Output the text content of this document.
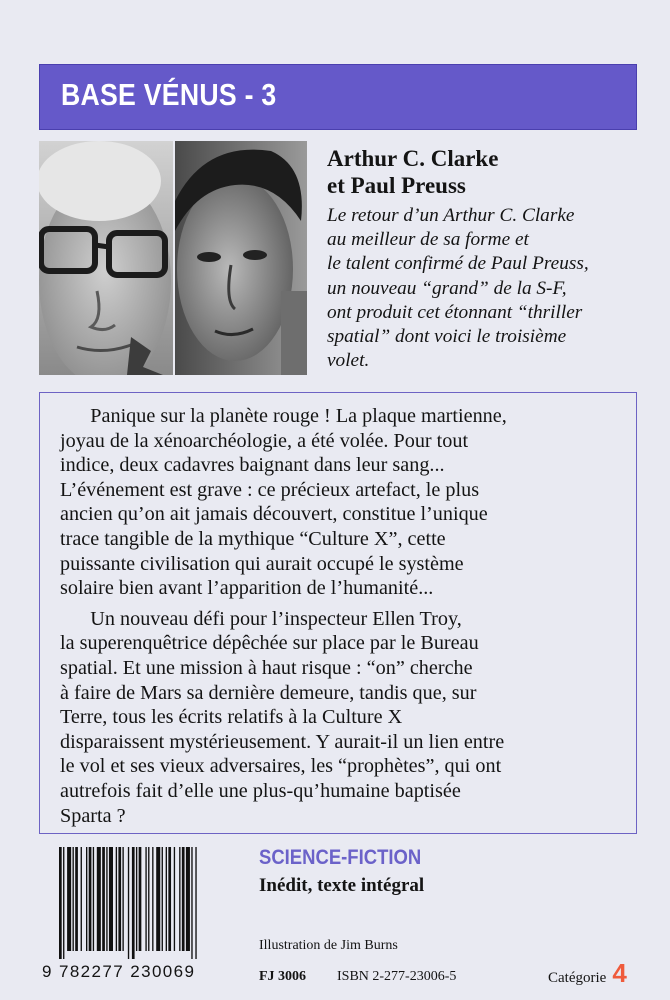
BASE VÉNUS - 3
Arthur C. Clarke
et Paul Preuss
Le retour d’un Arthur C. Clarke
au meilleur de sa forme et
le talent confirmé de Paul Preuss,
un nouveau “grand” de la S-F,
ont produit cet étonnant “thriller
spatial” dont voici le troisième
volet.

Panique sur la planète rouge ! La plaque martienne,
joyau de la xénoarchéologie, a été volée. Pour tout
indice, deux cadavres baignant dans leur sang...
L’événement est grave : ce précieux artefact, le plus
ancien qu’on ait jamais découvert, constitue l’unique
trace tangible de la mythique “Culture X”, cette
puissante civilisation qui aurait occupé le système
solaire bien avant l’apparition de l’humanité...

Un nouveau défi pour l’inspecteur Ellen Troy,
la superenquêtrice dépêchée sur place par le Bureau
spatial. Et une mission à haut risque : “on” cherche
à faire de Mars sa dernière demeure, tandis que, sur
Terre, tous les écrits relatifs à la Culture X
disparaissent mystérieusement. Y aurait-il un lien entre
le vol et ses vieux adversaires, les “prophètes”, qui ont
autrefois fait d’elle une plus-qu’humaine baptisée
Sparta ?

9 782277 230069
SCIENCE-FICTION
Inédit, texte intégral
Illustration de Jim Burns
FJ 3006 ISBN 2-277-23006-5	Catégorie 4
